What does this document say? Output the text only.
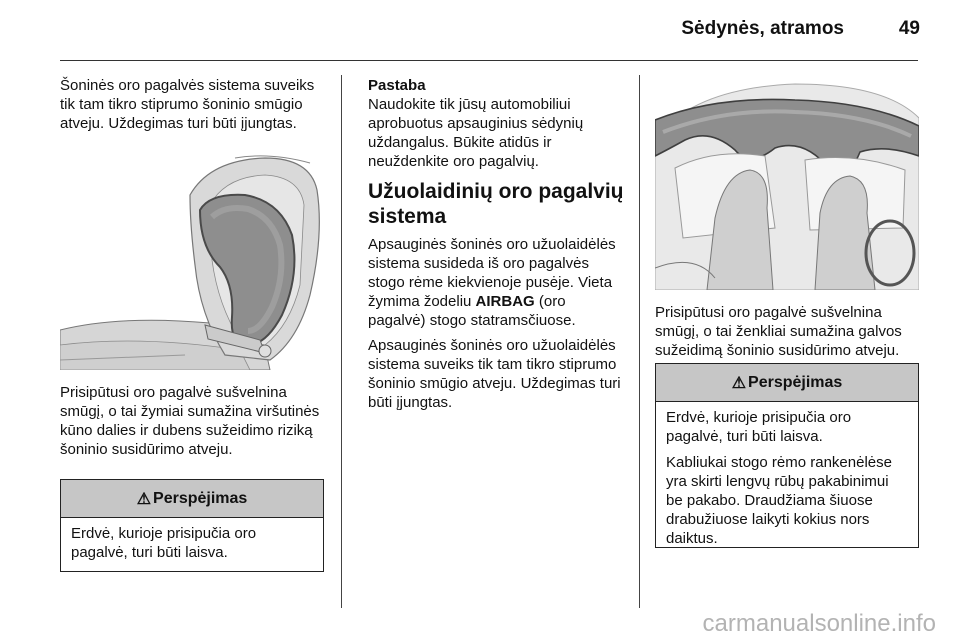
Sėdynės, atramos	49

Šoninės oro pagalvės sistema suveiks tik tam tikro stiprumo šoninio smūgio atveju. Uždegimas turi būti įjungtas.

Prisipūtusi oro pagalvė sušvelnina smūgį, o tai žymiai sumažina viršutinės kūno dalies ir dubens sužeidimo riziką šoninio susidūrimo atveju.

⚠ Perspėjimas

Erdvė, kurioje prisipučia oro pagalvė, turi būti laisva.

Pastaba

Naudokite tik jūsų automobiliui aprobuotus apsauginius sėdynių uždangalus. Būkite atidūs ir neuždenkite oro pagalvių.

Užuolaidinių oro pagalvių sistema

Apsauginės šoninės oro užuolaidėlės sistema susideda iš oro pagalvės stogo rėme kiekvienoje pusėje. Vieta žymima žodeliu AIRBAG (oro pagalvė) stogo statramsčiuose.

Apsauginės šoninės oro užuolaidėlės sistema suveiks tik tam tikro stiprumo šoninio smūgio atveju. Uždegimas turi būti įjungtas.

Prisipūtusi oro pagalvė sušvelnina smūgį, o tai ženkliai sumažina galvos sužeidimą šoninio susidūrimo atveju.

⚠ Perspėjimas

Erdvė, kurioje prisipučia oro pagalvė, turi būti laisva.

Kabliukai stogo rėmo rankenėlėse yra skirti lengvų rūbų pakabinimui be pakabo. Draudžiama šiuose drabužiuose laikyti kokius nors daiktus.

carmanualsonline.info
